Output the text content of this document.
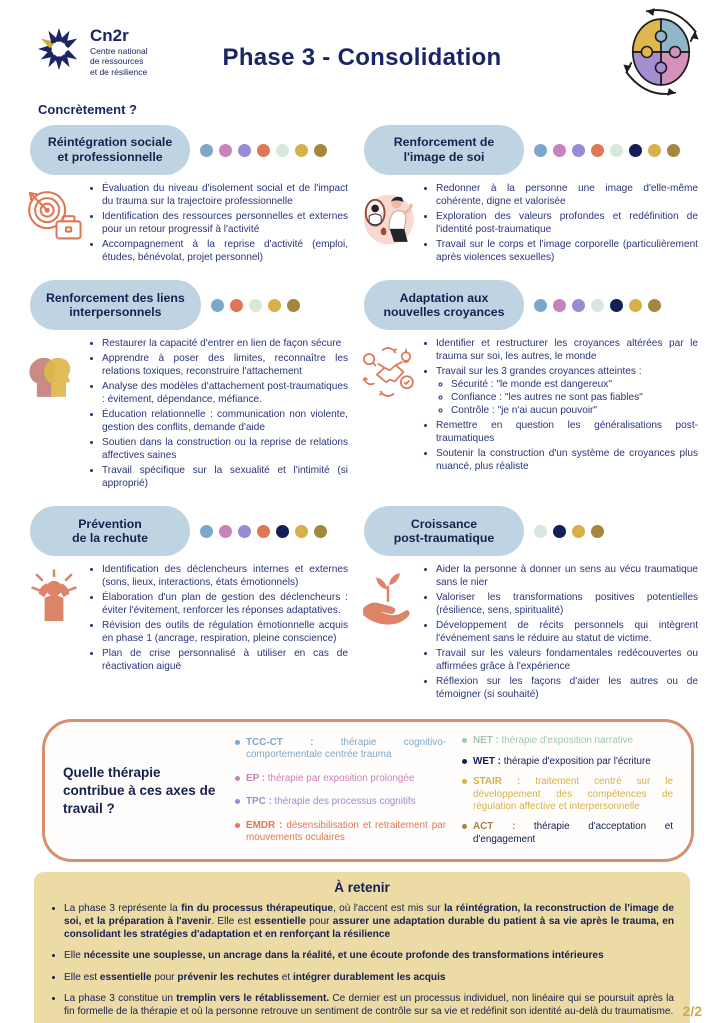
Cn2r
Centre national
de ressources
et de résilience
Phase 3 - Consolidation
Concrètement ?
Réintégration sociale
et professionnelle
• Évaluation du niveau d'isolement social et de l'impact du trauma sur la trajectoire professionnelle
• Identification des ressources personnelles et externes pour un retour progressif à l'activité
• Accompagnement à la reprise d'activité (emploi, études, bénévolat, projet personnel)
Renforcement de
l'image de soi
• Redonner à la personne une image d'elle-même cohérente, digne et valorisée
• Exploration des valeurs profondes et redéfinition de l'identité post-traumatique
• Travail sur le corps et l'image corporelle (particulièrement après violences sexuelles)
Renforcement des liens
interpersonnels
• Restaurer la capacité d'entrer en lien de façon sécure
• Apprendre à poser des limites, reconnaître les relations toxiques, reconstruire l'attachement
• Analyse des modèles d'attachement post-traumatiques : évitement, dépendance, méfiance.
• Éducation relationnelle : communication non violente, gestion des conflits, demande d'aide
• Soutien dans la construction ou la reprise de relations affectives saines
• Travail spécifique sur la sexualité et l'intimité (si approprié)
Adaptation aux
nouvelles croyances
• Identifier et restructurer les croyances altérées par le trauma sur soi, les autres, le monde
• Travail sur les 3 grandes croyances atteintes :
◦ Sécurité : "le monde est dangereux"
◦ Confiance : "les autres ne sont pas fiables"
◦ Contrôle : "je n'ai aucun pouvoir"
• Remettre en question les généralisations post-traumatiques
• Soutenir la construction d'un système de croyances plus nuancé, plus réaliste
Prévention
de la rechute
• Identification des déclencheurs internes et externes (sons, lieux, interactions, états émotionnels)
• Élaboration d'un plan de gestion des déclencheurs : éviter l'évitement, renforcer les réponses adaptatives.
• Révision des outils de régulation émotionnelle acquis en phase 1 (ancrage, respiration, pleine conscience)
• Plan de crise personnalisé à utiliser en cas de réactivation aiguë
Croissance
post-traumatique
• Aider la personne à donner un sens au vécu traumatique sans le nier
• Valoriser les transformations positives potentielles (résilience, sens, spiritualité)
• Développement de récits personnels qui intègrent l'événement sans le réduire au statut de victime.
• Travail sur les valeurs fondamentales redécouvertes ou affirmées grâce à l'expérience
• Réflexion sur les façons d'aider les autres ou de témoigner (si souhaité)
Quelle thérapie contribue à ces axes de travail ?
TCC-CT : thérapie cognitivo-comportementale centrée trauma
EP : thérapie par exposition prolongée
TPC : thérapie des processus cognitifs
EMDR : désensibilisation et retraitement par mouvements oculaires
NET : thérapie d'exposition narrative
WET : thérapie d'exposition par l'écriture
STAIR : traitement centré sur le développement des compétences de régulation affective et interpersonnelle
ACT : thérapie d'acceptation et d'engagement
À retenir
• La phase 3 représente la fin du processus thérapeutique, où l'accent est mis sur la réintégration, la reconstruction de l'image de soi, et la préparation à l'avenir. Elle est essentielle pour assurer une adaptation durable du patient à sa vie après le trauma, en consolidant les stratégies d'adaptation et en renforçant la résilience
• Elle nécessite une souplesse, un ancrage dans la réalité, et une écoute profonde des transformations intérieures
• Elle est essentielle pour prévenir les rechutes et intégrer durablement les acquis
• La phase 3 constitue un tremplin vers le rétablissement. Ce dernier est un processus individuel, non linéaire qui se poursuit après la fin formelle de la thérapie et où la personne retrouve un sentiment de contrôle sur sa vie et redéfinit son identité au-delà du traumatisme. 2/2
